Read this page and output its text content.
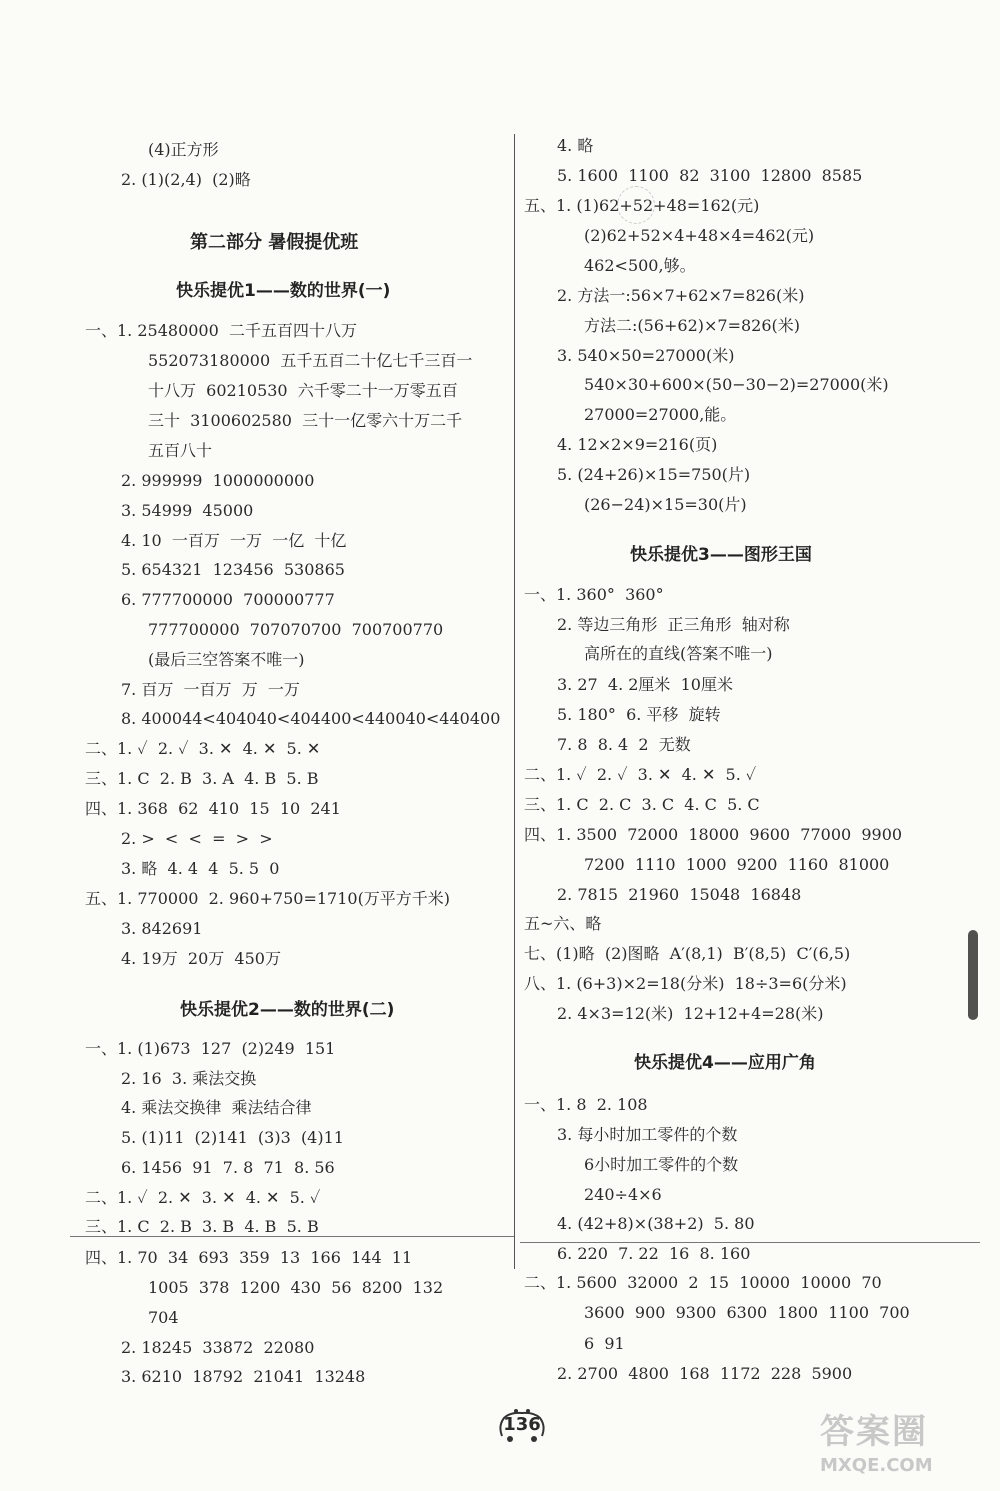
(4)正方形
2. (1)(2,4)  (2)略
一、1. 25480000  二千五百四十八万
552073180000  五千五百二十亿七千三百一
十八万  60210530  六千零二十一万零五百
三十  3100602580  三十一亿零六十万二千
五百八十
2. 999999  1000000000
3. 54999  45000
4. 10  一百万  一万  一亿  十亿
5. 654321  123456  530865
6. 777700000  700000777
777700000  707070700  700700770
(最后三空答案不唯一)
7. 百万  一百万  万  一万
8. 400044<404040<404400<440040<440400
二、1. ✓  2. ✓  3. ✕  4. ✕  5. ✕
三、1. C  2. B  3. A  4. B  5. B
四、1. 368  62  410  15  10  241
2. >  <  <  =  >  >
3. 略  4. 4  4  5. 5  0
五、1. 770000  2. 960+750=1710(万平方千米)
3. 842691
4. 19万  20万  450万
一、1. (1)673  127  (2)249  151
2. 16  3. 乘法交换
4. 乘法交换律  乘法结合律
5. (1)11  (2)141  (3)3  (4)11
6. 1456  91  7. 8  71  8. 56
二、1. ✓  2. ✕  3. ✕  4. ✕  5. ✓
三、1. C  2. B  3. B  4. B  5. B
四、1. 70  34  693  359  13  166  144  11
1005  378  1200  430  56  8200  132
704
2. 18245  33872  22080
3. 6210  18792  21041  13248
4. 略
5. 1600  1100  82  3100  12800  8585
五、1. (1)62+52+48=162(元)
(2)62+52×4+48×4=462(元)
462<500,够。
2. 方法一:56×7+62×7=826(米)
方法二:(56+62)×7=826(米)
3. 540×50=27000(米)
540×30+600×(50−30−2)=27000(米)
27000=27000,能。
4. 12×2×9=216(页)
5. (24+26)×15=750(片)
(26−24)×15=30(片)
一、1. 360°  360°
2. 等边三角形  正三角形  轴对称
高所在的直线(答案不唯一)
3. 27  4. 2厘米  10厘米
5. 180°  6. 平移  旋转
7. 8  8. 4  2  无数
二、1. ✓  2. ✓  3. ✕  4. ✕  5. ✓
三、1. C  2. C  3. C  4. C  5. C
四、1. 3500  72000  18000  9600  77000  9900
7200  1110  1000  9200  1160  81000
2. 7815  21960  15048  16848
五~六、略
七、(1)略  (2)图略  A′(8,1)  B′(8,5)  C′(6,5)
八、1. (6+3)×2=18(分米)  18÷3=6(分米)
2. 4×3=12(米)  12+12+4=28(米)
一、1. 8  2. 108
3. 每小时加工零件的个数
6小时加工零件的个数
240÷4×6
4. (42+8)×(38+2)  5. 80
6. 220  7. 22  16  8. 160
二、1. 5600  32000  2  15  10000  10000  70
3600  900  9300  6300  1800  1100  700
6  91
2. 2700  4800  168  1172  228  5900
第二部分 暑假提优班
快乐提优1——数的世界(一)
快乐提优2——数的世界(二)
快乐提优3——图形王国
快乐提优4——应用广角
136	答案圈
MXQE.COM
